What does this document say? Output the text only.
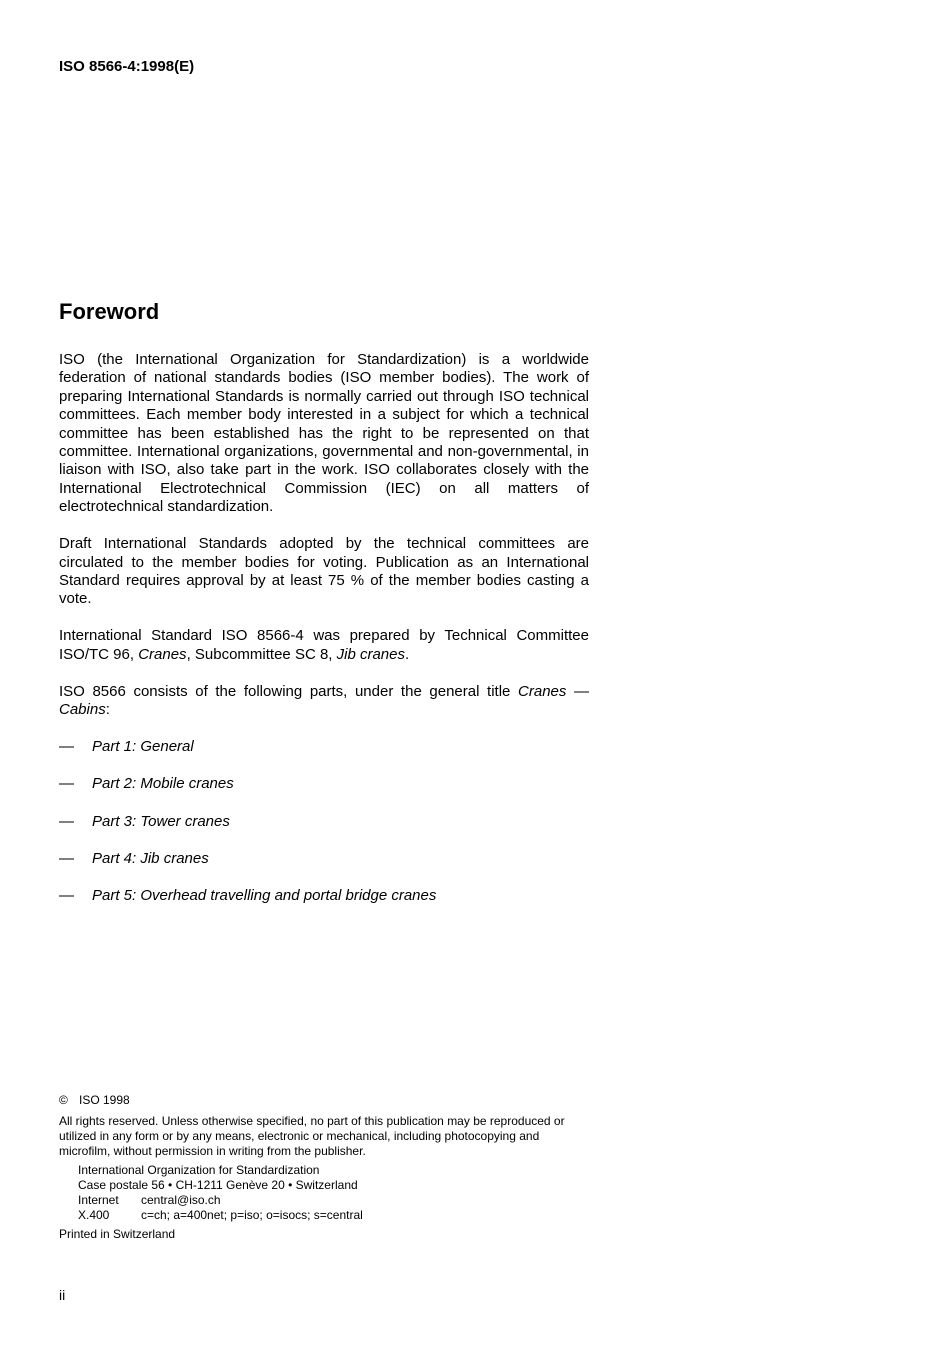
ISO 8566-4:1998(E)
Foreword

ISO (the International Organization for Standardization) is a worldwide federation of national standards bodies (ISO member bodies). The work of preparing International Standards is normally carried out through ISO technical committees. Each member body interested in a subject for which a technical committee has been established has the right to be represented on that committee. International organizations, governmental and non-governmental, in liaison with ISO, also take part in the work. ISO collaborates closely with the International Electrotechnical Commission (IEC) on all matters of electrotechnical standardization.

Draft International Standards adopted by the technical committees are circulated to the member bodies for voting. Publication as an International Standard requires approval by at least 75 % of the member bodies casting a vote.

International Standard ISO 8566-4 was prepared by Technical Committee ISO/TC 96, Cranes, Subcommittee SC 8, Jib cranes.

ISO 8566 consists of the following parts, under the general title Cranes — Cabins:

— Part 1: General
— Part 2: Mobile cranes
— Part 3: Tower cranes
— Part 4: Jib cranes
— Part 5: Overhead travelling and portal bridge cranes
© ISO 1998

All rights reserved. Unless otherwise specified, no part of this publication may be reproduced or utilized in any form or by any means, electronic or mechanical, including photocopying and microfilm, without permission in writing from the publisher.

International Organization for Standardization
Case postale 56 • CH-1211 Genève 20 • Switzerland
Internet central@iso.ch
X.400	c=ch; a=400net; p=iso; o=isocs; s=central
Printed in Switzerland
ii
